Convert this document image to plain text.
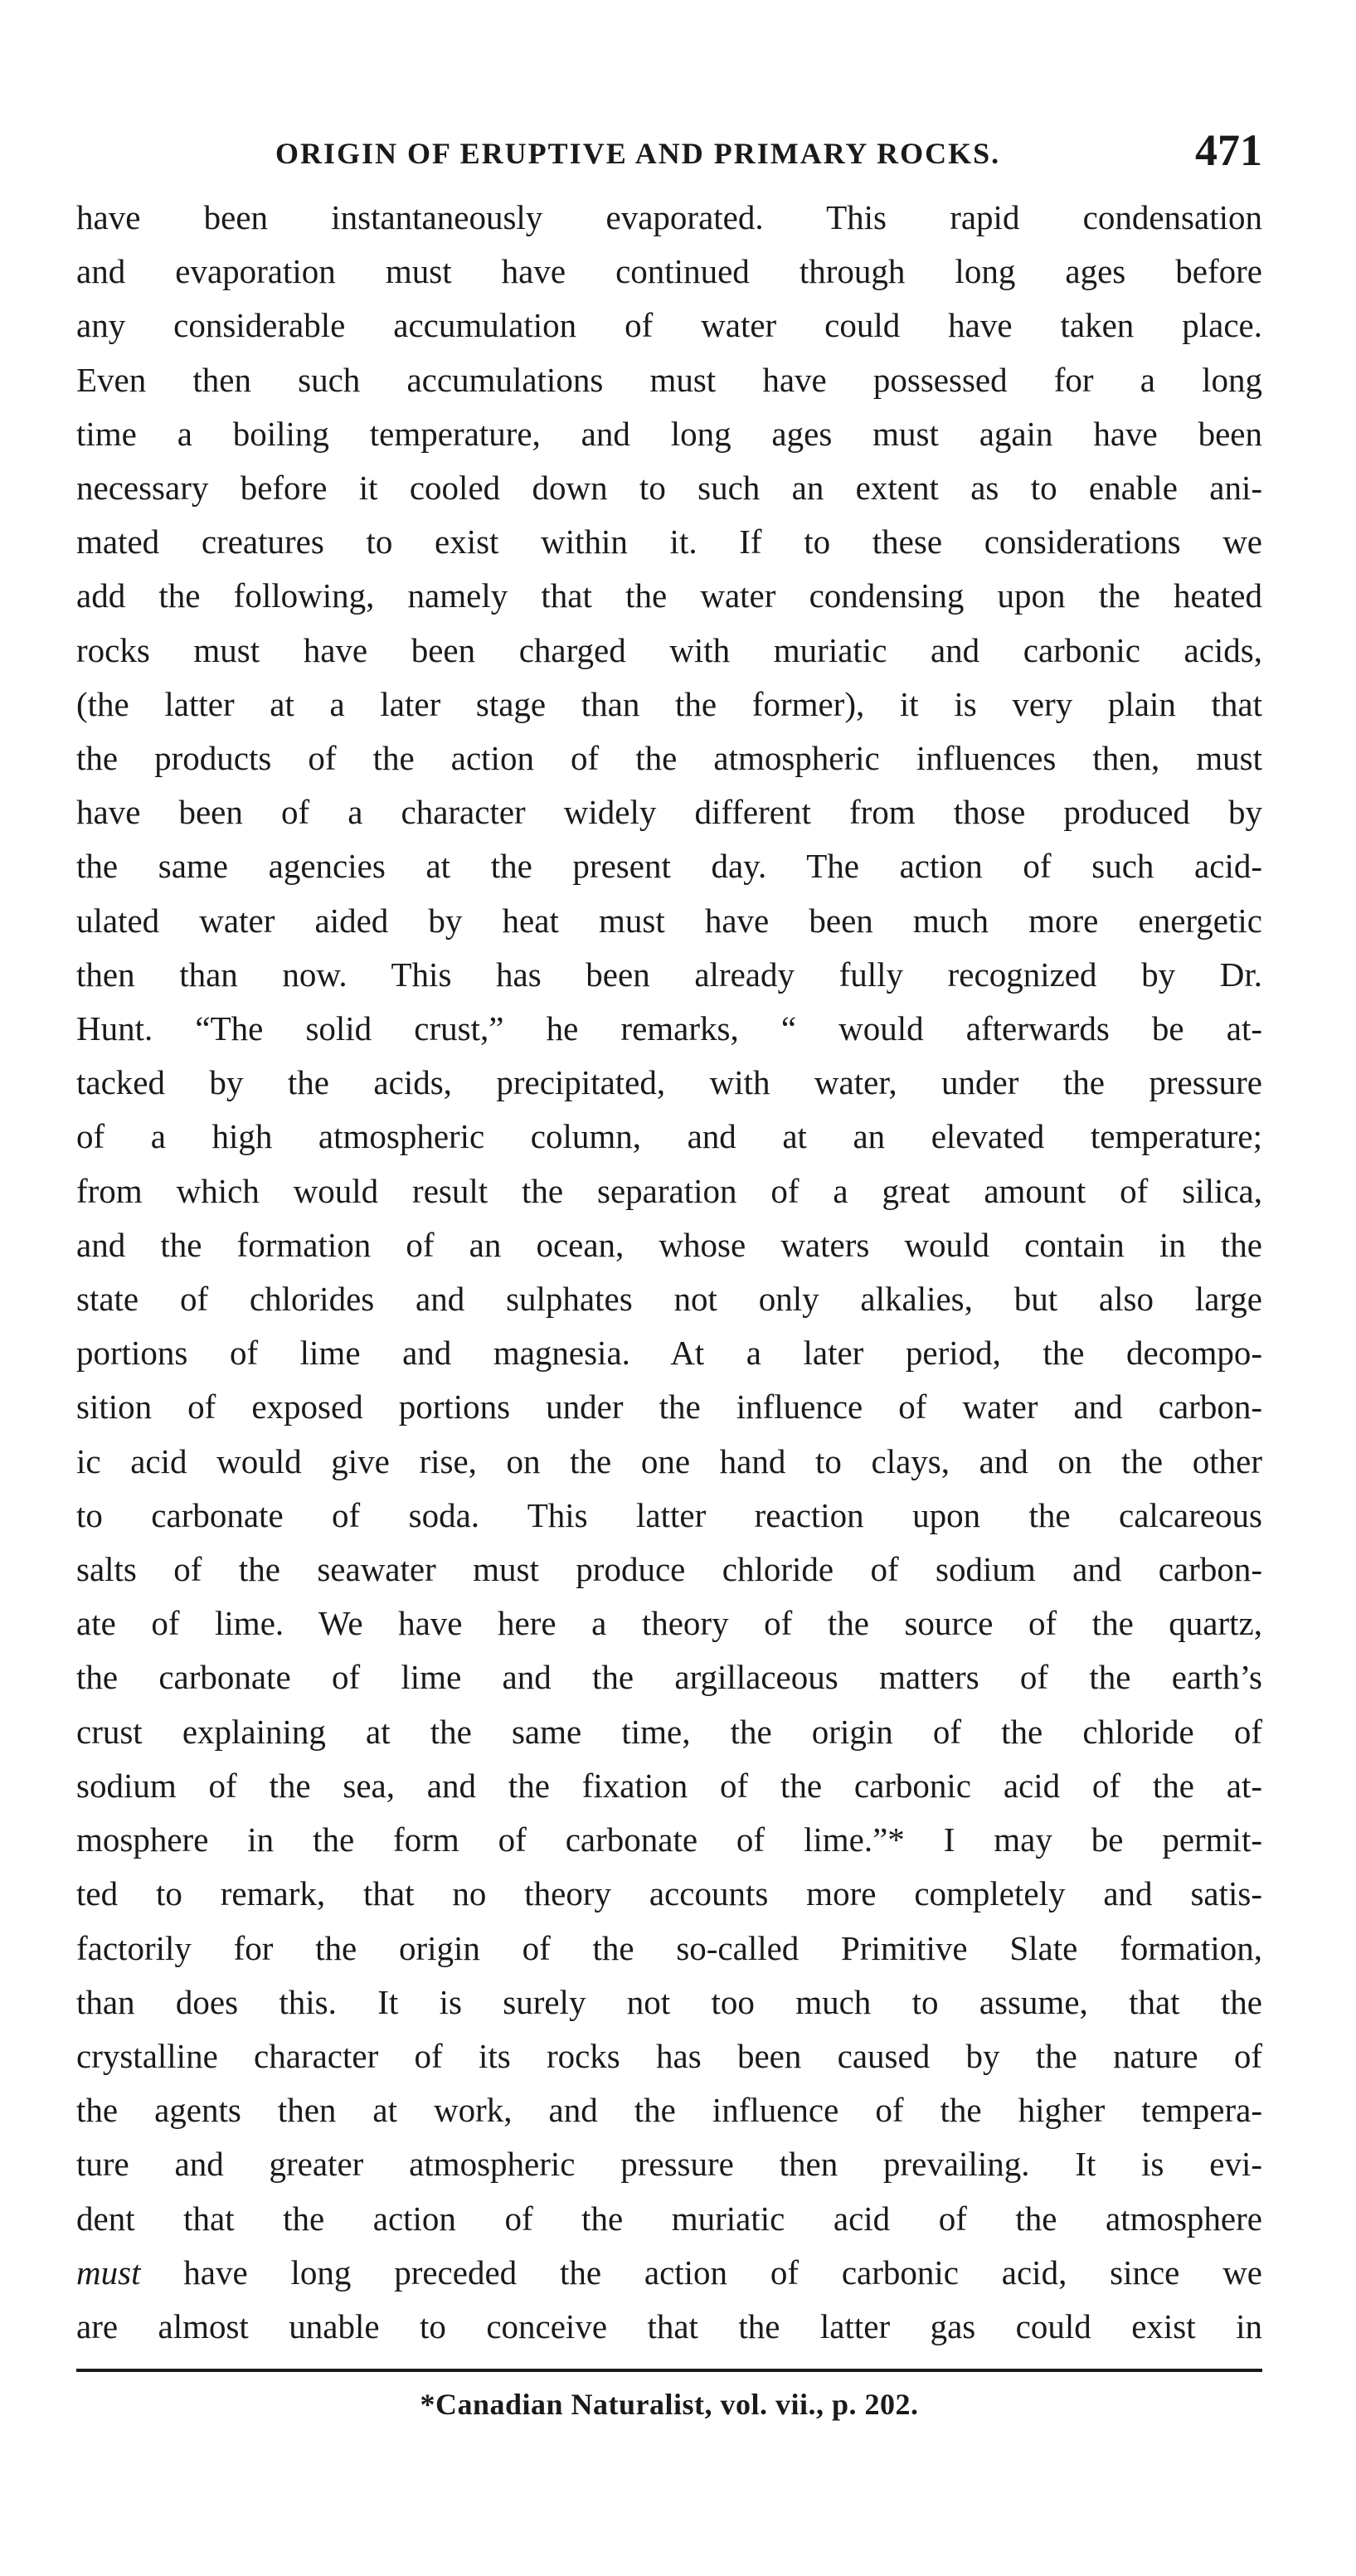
ORIGIN OF ERUPTIVE AND PRIMARY ROCKS.	471
have been instantaneously evaporated. This rapid condensation
and evaporation must have continued through long ages before
any considerable accumulation of water could have taken place.
Even then such accumulations must have possessed for a long
time a boiling temperature, and long ages must again have been
necessary before it cooled down to such an extent as to enable ani-
mated creatures to exist within it. If to these considerations we
add the following, namely that the water condensing upon the heated
rocks must have been charged with muriatic and carbonic acids,
(the latter at a later stage than the former), it is very plain that
the products of the action of the atmospheric influences then, must
have been of a character widely different from those produced by
the same agencies at the present day. The action of such acid-
ulated water aided by heat must have been much more energetic
then than now. This has been already fully recognized by Dr.
Hunt. “The solid crust,” he remarks, “ would afterwards be at-
tacked by the acids, precipitated, with water, under the pressure
of a high atmospheric column, and at an elevated temperature;
from which would result the separation of a great amount of silica,
and the formation of an ocean, whose waters would contain in the
state of chlorides and sulphates not only alkalies, but also large
portions of lime and magnesia. At a later period, the decompo-
sition of exposed portions under the influence of water and carbon-
ic acid would give rise, on the one hand to clays, and on the other
to carbonate of soda. This latter reaction upon the calcareous
salts of the seawater must produce chloride of sodium and carbon-
ate of lime. We have here a theory of the source of the quartz,
the carbonate of lime and the argillaceous matters of the earth’s
crust explaining at the same time, the origin of the chloride of
sodium of the sea, and the fixation of the carbonic acid of the at-
mosphere in the form of carbonate of lime.”* I may be permit-
ted to remark, that no theory accounts more completely and satis-
factorily for the origin of the so-called Primitive Slate formation,
than does this. It is surely not too much to assume, that the
crystalline character of its rocks has been caused by the nature of
the agents then at work, and the influence of the higher tempera-
ture and greater atmospheric pressure then prevailing. It is evi-
dent that the action of the muriatic acid of the atmosphere
must have long preceded the action of carbonic acid, since we
are almost unable to conceive that the latter gas could exist in
*Canadian Naturalist, vol. vii., p. 202.
